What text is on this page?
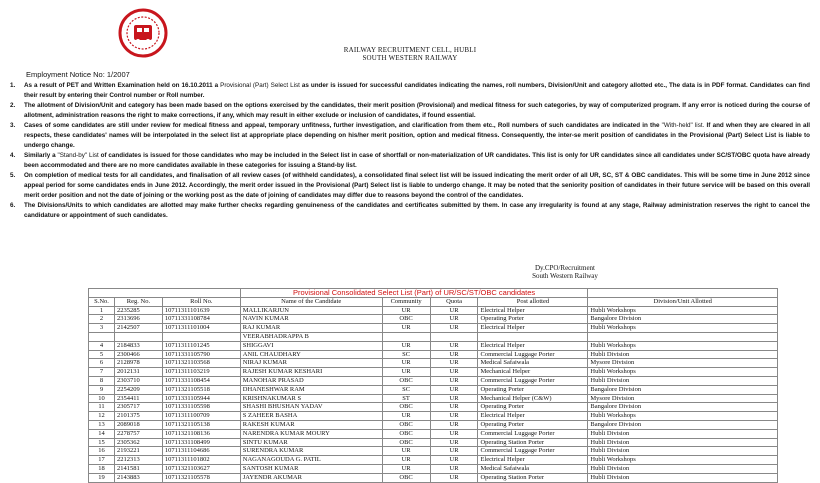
RAILWAY RECRUITMENT CELL, HUBLI
SOUTH WESTERN RAILWAY
Employment Notice No: 1/2007
1. As a result of PET and Written Examination held on 16.10.2011 a Provisional (Part) Select List as under is issued for successful candidates indicating the names, roll numbers, Division/Unit and category allotted etc., The data is in PDF format. Candidates can find their result by entering their Control number or Roll number.
2. The allotment of Division/Unit and category has been made based on the options exercised by the candidates, their merit position (Provisional) and medical fitness for such categories, by way of computerized program. If any error is noticed during the course of allotment, administration reasons the right to make corrections, if any, which may result in either exclude or inclusion of candidates, if found essential.
3. Cases of some candidates are still under review for medical fitness and appeal, temporary unfitness, further investigation, and clarification from them etc., Roll numbers of such candidates are indicated in the "With-held" list. If and when they are cleared in all respects, these candidates' names will be interpolated in the select list at appropriate place depending on his/her merit position, option and medical fitness. Consequently, the inter-se merit position of candidates in the Provisional (Part) Select List is liable to undergo change.
4. Similarly a "Stand-by" List of candidates is issued for those candidates who may be included in the Select list in case of shortfall or non-materialization of UR candidates. This list is only for UR candidates since all candidates under SC/ST/OBC quota have already been accommodated and there are no more candidates available in these categories for issuing a Stand-by list.
5. On completion of medical tests for all candidates, and finalisation of all review cases (of withheld candidates), a consolidated final select list will be issued indicating the merit order of all UR, SC, ST & OBC candidates. This will be some time in June 2012 since appeal period for some candidates ends in June 2012. Accordingly, the merit order issued in the Provisional (Part) Select list is liable to undergo change. It may be noted that the seniority position of candidates in their future service will be based on this overall merit order position and not the date of joining or the working post as the date of joining of candidates may differ due to reasons beyond the control of the candidates.
6. The Divisions/Units to which candidates are allotted may make further checks regarding genuineness of the candidates and certificates submitted by them. In case any irregularity is found at any stage, Railway administration reserves the right to cancel the candidature or appointment of such candidates.
Dy.CPO/Recruitment
South Western Railway
			Provisional Consolidated Select List (Part) of UR/SC/ST/OBC candidates				
S.No.	Reg. No.	Roll No.	Name of the Candidate	Community	Quota	Post allotted	Division/Unit Allotted
1	2235285	10711311101639	MALLIKARJUN	UR	UR	Electrical Helper	Hubli Workshops
2	2313696	10711331108784	NAVIN KUMAR	OBC	UR	Operating Porter	Bangalore Division
3	2142507	10711311101004	RAJ KUMAR	UR	UR	Electrical Helper	Hubli Workshops
			VEERABHADRAPPA B				
4	2184833	10711311101245	SHIGGAVI	UR	UR	Electrical Helper	Hubli Workshops
5	2300466	10711331105790	ANIL CHAUDHARY	SC	UR	Commercial Luggage Porter	Hubli Division
6	2128978	10711321103568	NIRAJ KUMAR	UR	UR	Medical Safaiwala	Mysore Division
7	2012131	10711311103219	RAJESH KUMAR KESHARI	UR	UR	Mechanical Helper	Hubli Workshops
8	2303710	10711331108454	MANOHAR PRASAD	OBC	UR	Commercial Luggage Porter	Hubli Division
9	2254209	10711321105518	DHANESHWAR RAM	SC	UR	Operating Porter	Bangalore Division
10	2354411	10711331105944	KRISHNAKUMAR S	ST	UR	Mechanical Helper (C&W)	Mysore Division
11	2305717	10711331105598	SHASHI BHUSHAN YADAV	OBC	UR	Operating Porter	Bangalore Division
12	2101375	10711311100709	S ZAHEER BASHA	UR	UR	Electrical Helper	Hubli Workshops
13	2089018	10711321105138	RAKESH KUMAR	OBC	UR	Operating Porter	Bangalore Division
14	2278757	10711321108136	NARENDRA KUMAR MOURY	OBC	UR	Commercial Luggage Porter	Hubli Division
15	2305362	10711331108499	SINTU KUMAR	OBC	UR	Operating Station Porter	Hubli Division
16	2193221	10711311104686	SURENDRA KUMAR	UR	UR	Commercial Luggage Porter	Hubli Division
17	2212313	10711311101802	NAGANAGOUDA G. PATIL	UR	UR	Electrical Helper	Hubli Workshops
18	2141581	10711321103627	SANTOSH KUMAR	UR	UR	Medical Safaiwala	Hubli Division
19	2143883	10711321105578	JAYENDR AKUMAR	OBC	UR	Operating Station Porter	Hubli Division
